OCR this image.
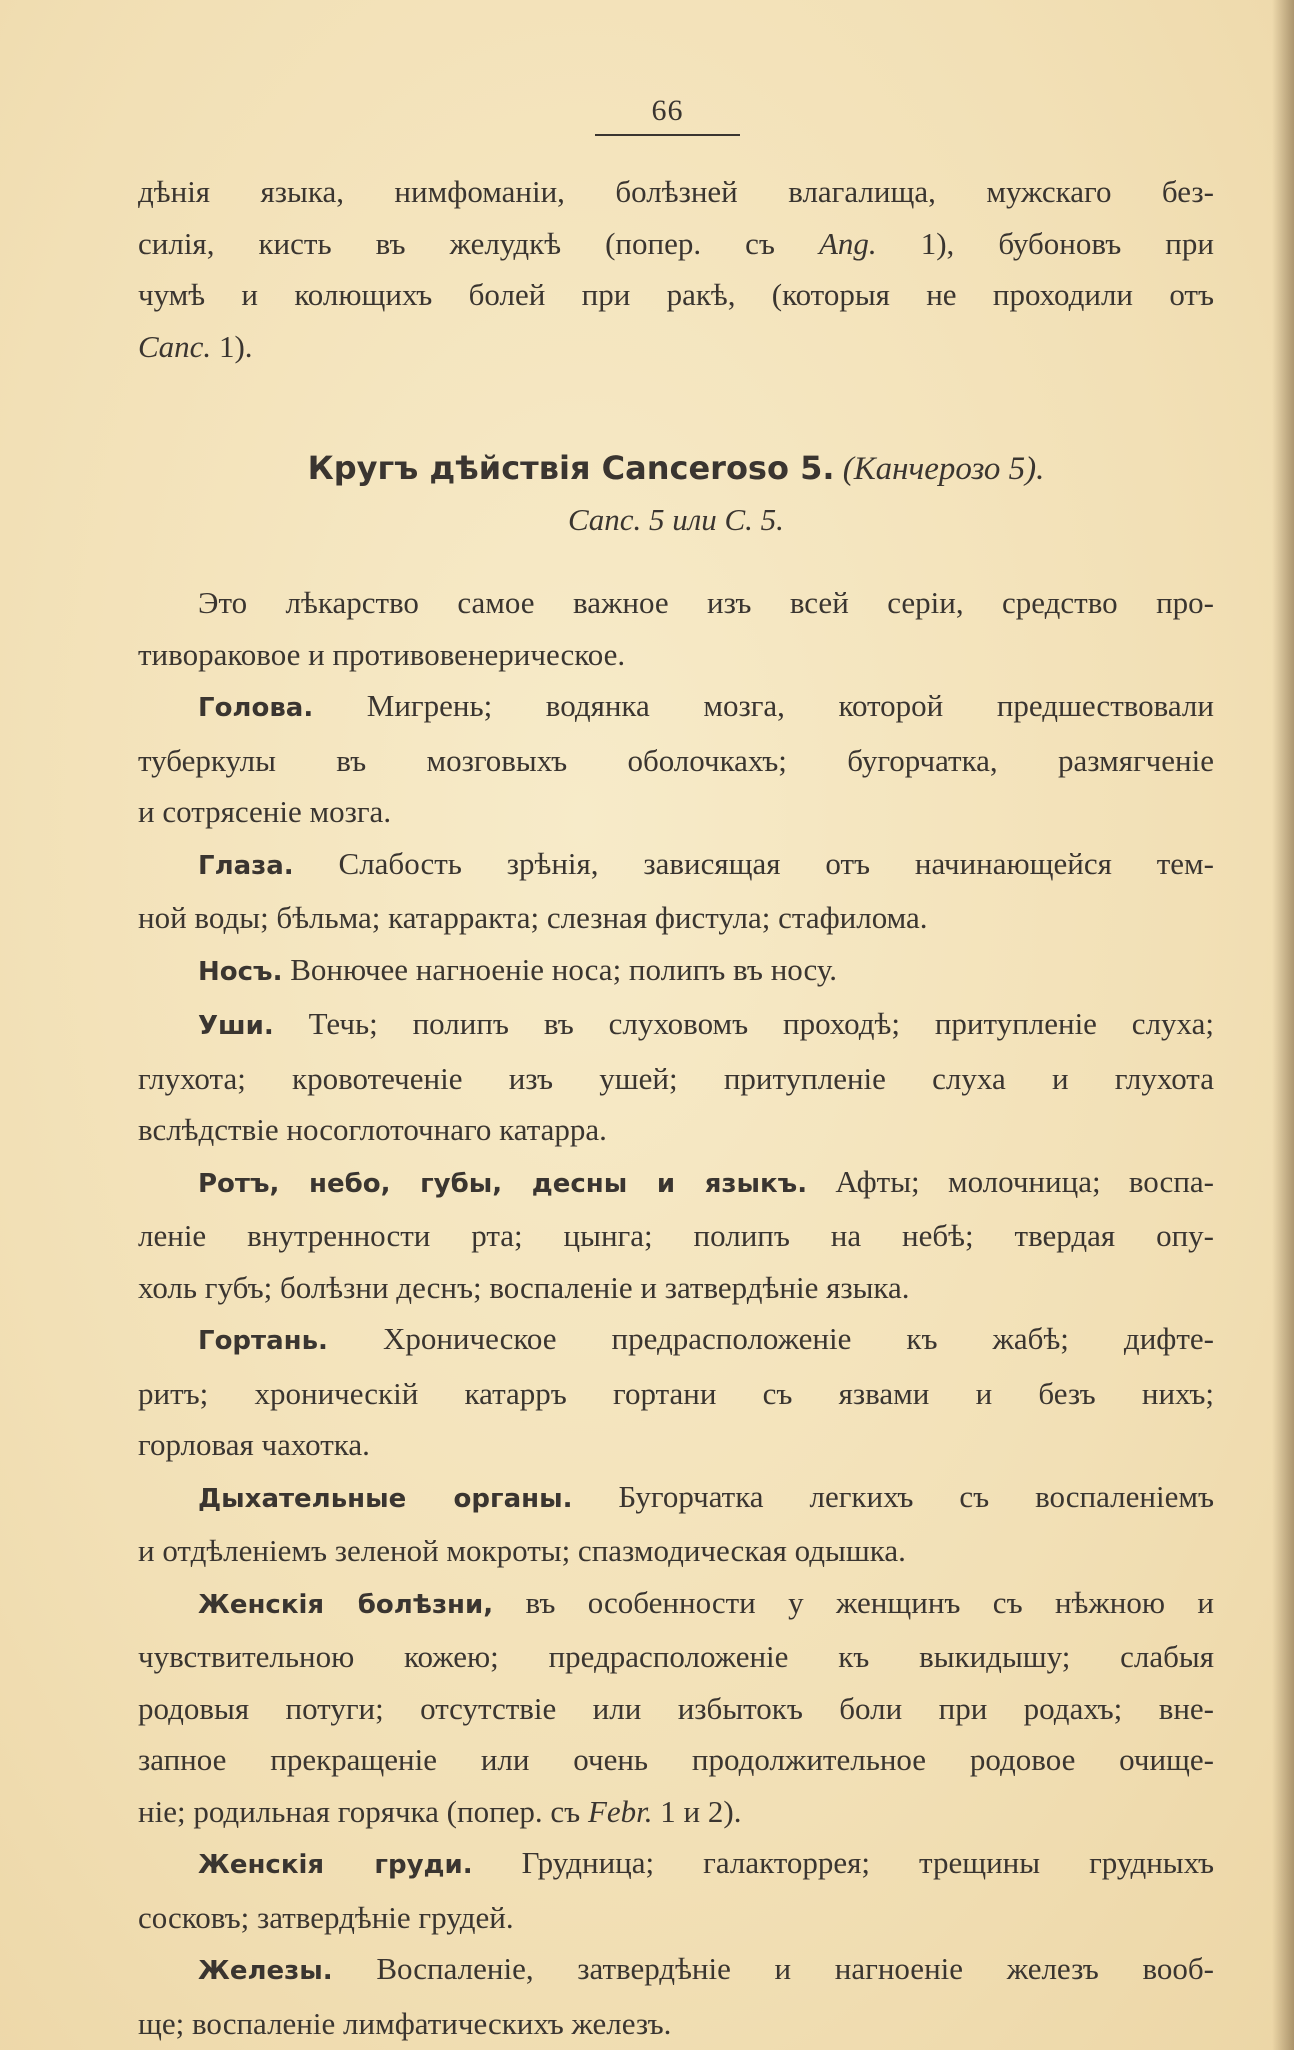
66
дѣнія языка, нимфоманіи, болѣзней влагалища, мужскаго без-
силія, кисть въ желудкѣ (попер. съ Ang. 1), бубоновъ при
чумѣ и колющихъ болей при ракѣ, (которыя не проходили отъ
Canc. 1).

Кругъ дѣйствія Cancerosо 5. (Канчерозо 5).

Canc. 5 или C. 5.

Это лѣкарство самое важное изъ всей серіи, средство про-
тивораковое и противовенерическое.
Голова. Мигрень; водянка мозга, которой предшествовали
туберкулы въ мозговыхъ оболочкахъ; бугорчатка, размягченіе
и сотрясеніе мозга.
Глаза. Слабость зрѣнія, зависящая отъ начинающейся тем-
ной воды; бѣльма; катарракта; слезная фистула; стафилома.
Носъ. Вонючее нагноеніе носа; полипъ въ носу.
Уши. Течь; полипъ въ слуховомъ проходѣ; притупленіе слуха;
глухота; кровотеченіе изъ ушей; притупленіе слуха и глухота
вслѣдствіе носоглоточнаго катарра.
Ротъ, небо, губы, десны и языкъ. Афты; молочница; воспа-
леніе внутренности рта; цынга; полипъ на небѣ; твердая опу-
холь губъ; болѣзни деснъ; воспаленіе и затвердѣніе языка.
Гортань. Хроническое предрасположеніе къ жабѣ; дифте-
ритъ; хроническій катарръ гортани съ язвами и безъ нихъ;
горловая чахотка.
Дыхательные органы. Бугорчатка легкихъ съ воспаленіемъ
и отдѣленіемъ зеленой мокроты; спазмодическая одышка.
Женскія болѣзни, въ особенности у женщинъ съ нѣжною и
чувствительною кожею; предрасположеніе къ выкидышу; слабыя
родовыя потуги; отсутствіе или избытокъ боли при родахъ; вне-
запное прекращеніе или очень продолжительное родовое очище-
ніе; родильная горячка (попер. съ Febr. 1 и 2).
Женскія груди. Грудница; галакторрея; трещины грудныхъ
сосковъ; затвердѣніе грудей.
Железы. Воспаленіе, затвердѣніе и нагноеніе железъ вооб-
ще; воспаленіе лимфатическихъ железъ.
